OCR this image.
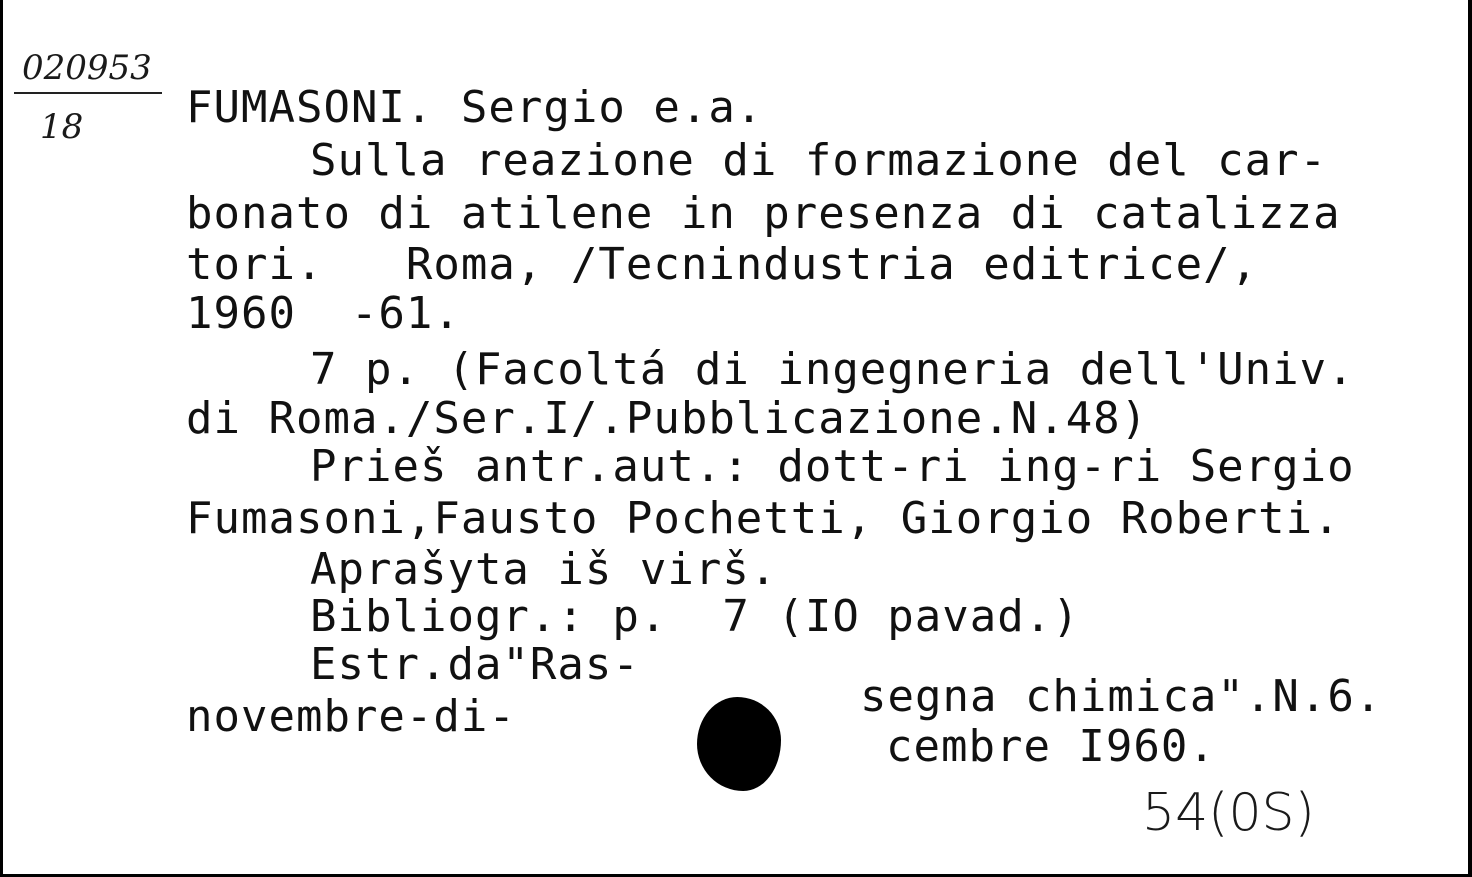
020953
18 FUMASONI. Sergio e.a.
Sulla reazione di formazione del car-
bonato di atilene in presenza di catalizza
tori.   Roma, /Tecnindustria editrice/,
1960  -61.
7 p. (Facoltá di ingegneria dell'Univ.
di Roma./Ser.I/.Pubblicazione.N.48)
Prieš antr.aut.: dott-ri ing-ri Sergio
Fumasoni,Fausto Pochetti, Giorgio Roberti.
Aprašyta iš virš.
Bibliogr.: p.  7 (IO pavad.)
Estr.da"Ras-
segna chimica".N.6.
novembre-di-
cembre I960.
54(0S)
